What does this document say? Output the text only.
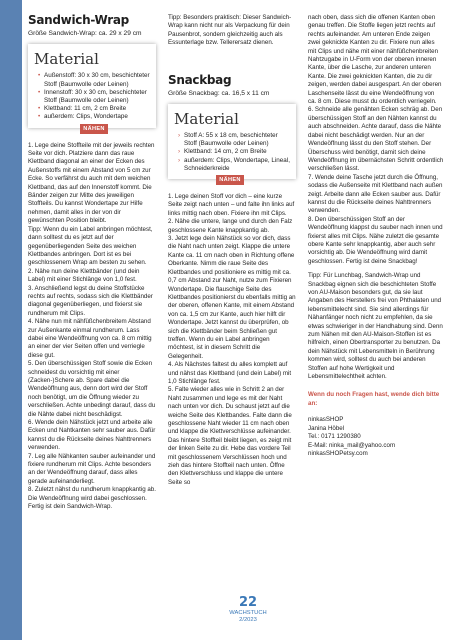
Sandwich-Wrap
Größe Sandwich-Wrap: ca. 29 x 29 cm
Material
• Außenstoff: 30 x 30 cm, beschichteter Stoff (Baumwolle oder Leinen)
• Innenstoff: 30 x 30 cm, beschichteter Stoff (Baumwolle oder Leinen)
• Klettband: 11 cm, 2 cm Breite
• außerdem: Clips, Wondertape
NÄHEN

1. Lege deine Stoffteile mit der jeweils rechten Seite vor dich. Platziere dann das raue Klettband diagonal an einer der Ecken des Außenstoffs mit einem Abstand von 5 cm zur Ecke. So verfährst du auch mit dem weichen Klettband, das auf den Innenstoff kommt. Die Bänder zeigen zur Mitte des jeweiligen Stoffteils. Du kannst Wondertape zur Hilfe nehmen, damit alles in der von dir gewünschten Position bleibt.

Tipp: Wenn du ein Label anbringen möchtest, dann solltest du es jetzt auf der gegenüberliegenden Seite des weichen Klettbandes anbringen. Dort ist es bei geschlossenem Wrap am besten zu sehen.

2. Nähe nun deine Klettbänder (und dein Label) mit einer Stichlänge von 1,0 fest.

3. Anschließend legst du deine Stoffstücke rechts auf rechts, sodass sich die Klettbänder diagonal gegenüberliegen, und fixierst sie rundherum mit Clips.

4. Nähe nun mit nähfüßchenbreitem Abstand zur Außenkante einmal rundherum. Lass dabei eine Wendeöffnung von ca. 8 cm mittig an einer der vier Seiten offen und verriegle diese gut.

5. Den überschüssigen Stoff sowie die Ecken schneidest du vorsichtig mit einer (Zacken-)Schere ab. Spare dabei die Wendeöffnung aus, denn dort wird der Stoff noch benötigt, um die Öffnung wieder zu verschließen. Achte unbedingt darauf, dass du die Nähte dabei nicht beschädigst.

6. Wende dein Nähstück jetzt und arbeite alle Ecken und Nahtkanten sehr sauber aus. Dafür kannst du die Rückseite deines Nahttrenners verwenden.

7. Leg alle Nähkanten sauber aufeinander und fixiere rundherum mit Clips. Achte besonders an der Wendeöffnung darauf, dass alles gerade aufeinanderliegt.

8. Zuletzt nähst du rundherum knappkantig ab. Die Wendeöffnung wird dabei geschlossen. Fertig ist dein Sandwich-Wrap.

Tipp: Besonders praktisch: Dieser Sandwich-Wrap kann nicht nur als Verpackung für dein Pausenbrot, sondern gleichzeitig auch als Essunterlage bzw. Tellerersatz dienen.

Snackbag
Größe Snackbag: ca. 16,5 x 11 cm
Material
› Stoff A: 55 x 18 cm, beschichteter Stoff (Baumwolle oder Leinen)
› Klettband: 14 cm, 2 cm Breite
› außerdem: Clips, Wondertape, Lineal, Schneiderkreide
NÄHEN

1. Lege deinen Stoff vor dich – eine kurze Seite zeigt nach unten – und falte ihn links auf links mittig nach oben. Fixiere ihn mit Clips.

2. Nähe die untere, lange und durch den Falz geschlossene Kante knappkantig ab.

3. Jetzt lege dein Nähstück so vor dich, dass die Naht nach unten zeigt. Klappe die untere Kante ca. 11 cm nach oben in Richtung offene Oberkante. Nimm die raue Seite des Klettbandes und positioniere es mittig mit ca. 0,7 cm Abstand zur Naht, nutze zum Fixieren Wondertape. Die flauschige Seite des Klettbandes positionierst du ebenfalls mittig an der oberen, offenen Kante, mit einem Abstand von ca. 1,5 cm zur Kante, auch hier hilft dir Wondertape. Jetzt kannst du überprüfen, ob sich die Klettbänder beim Schließen gut treffen. Wenn du ein Label anbringen möchtest, ist in diesem Schritt die Gelegenheit.

4. Als Nächstes faltest du alles komplett auf und nähst das Klettband (und dein Label) mit 1,0 Stichlänge fest.

5. Falte wieder alles wie in Schritt 2 an der Naht zusammen und lege es mit der Naht nach unten vor dich. Du schaust jetzt auf die weiche Seite des Klettbandes. Falte dann die geschlossene Naht wieder 11 cm nach oben und klappe die Klettverschlüsse aufeinander. Das hintere Stoffteil bleibt liegen, es zeigt mit der linken Seite zu dir. Hebe das vordere Teil mit geschlossenem Verschlüssen hoch und zieh das hintere Stoffteil nach unten. Öffne den Klettverschluss und klappe die untere Seite so

nach oben, dass sich die offenen Kanten oben genau treffen. Die Stoffe liegen jetzt rechts auf rechts aufeinander. Am unteren Ende zeigen zwei geknickte Kanten zu dir. Fixiere nun alles mit Clips und nähe mit einer nähfüßchenbreiten Nahtzugabe in U-Form von der oberen inneren Kante, über die Lasche, zur anderen unteren Kante. Die zwei geknickten Kanten, die zu dir zeigen, werden dabei ausgespart. An der oberen Laschenseite lässt du eine Wendeöffnung von ca. 8 cm. Diese musst du ordentlich verriegeln.

6. Schneide alle genähten Ecken schräg ab. Den überschüssigen Stoff an den Nähten kannst du auch abschneiden. Achte darauf, dass die Nähte dabei nicht beschädigt werden. Nur an der Wendeöffnung lässt du den Stoff stehen. Der Überschuss wird benötigt, damit sich deine Wendeöffnung im übernächsten Schritt ordentlich verschließen lässt.

7. Wende deine Tasche jetzt durch die Öffnung, sodass die Außenseite mit Klettband nach außen zeigt. Arbeite dann alle Ecken sauber aus. Dafür kannst du die Rückseite deines Nahttrenners verwenden.

8. Den überschüssigen Stoff an der Wendeöffnung klappst du sauber nach innen und fixierst alles mit Clips. Nähe zuletzt die gesamte obere Kante sehr knappkantig, aber auch sehr vorsichtig ab. Die Wendeöffnung wird damit geschlossen. Fertig ist deine Snackbag!

Tipp: Für Lunchbag, Sandwich-Wrap und Snackbag eignen sich die beschichteten Stoffe von AU-Maison besonders gut, da sie laut Angaben des Herstellers frei von Phthalaten und lebensmittelecht sind. Sie sind allerdings für Nähanfänger noch nicht zu empfehlen, da sie etwas schwieriger in der Handhabung sind. Denn zum Nähen mit den AU-Maison-Stoffen ist es hilfreich, einen Obertransporter zu benutzen. Da dein Nähstück mit Lebensmitteln in Berührung kommen wird, solltest du auch bei anderen Stoffen auf hohe Wertigkeit und Lebensmittelechtheit achten.

Wenn du noch Fragen hast, wende dich bitte an:

ninkasSHOP

Janina Höbel

Tel.: 0171 1290380

E-Mail: ninka_mail@yahoo.com

ninkasSHOPetsy.com

22
WACHSTUCH
2/2023
